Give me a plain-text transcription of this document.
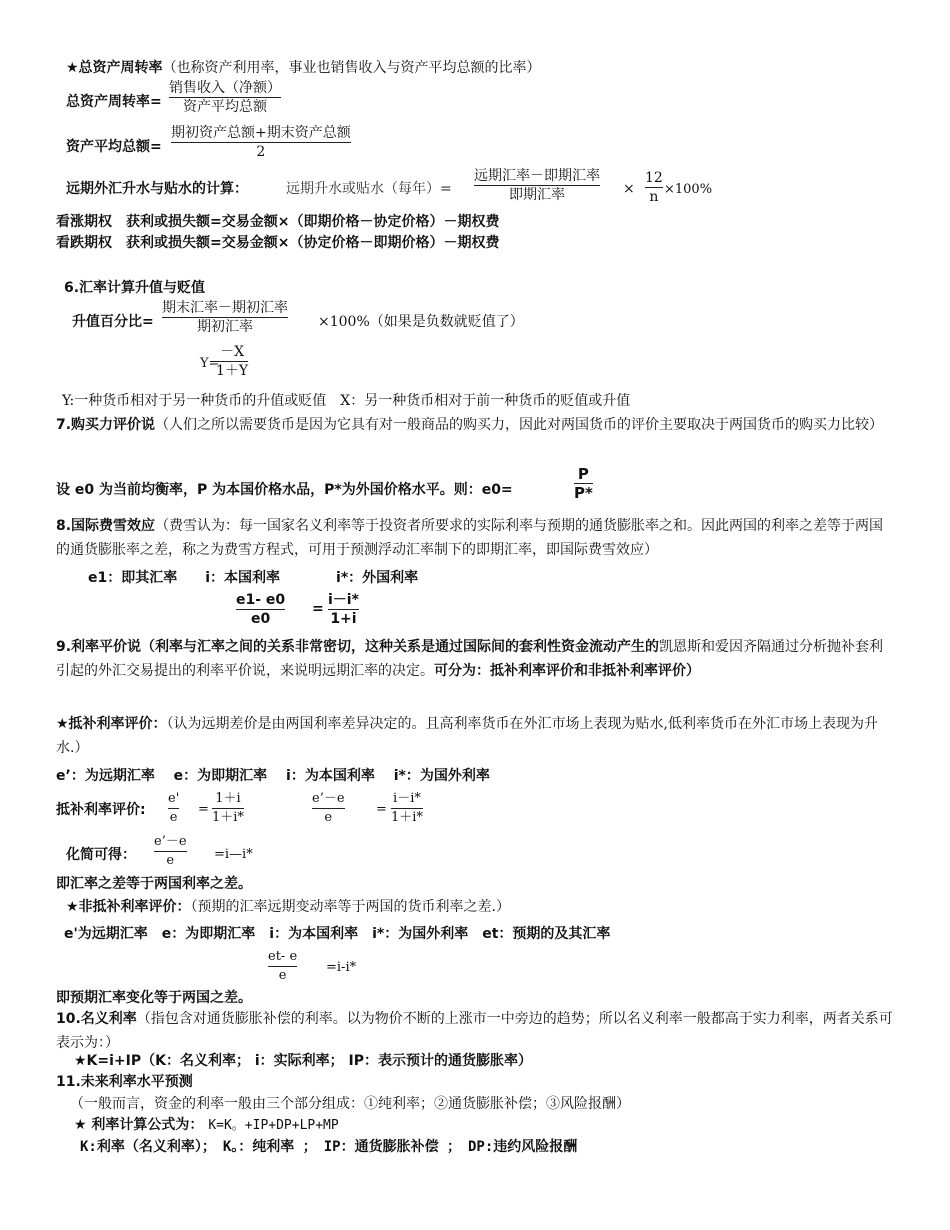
★总资产周转率（也称资产利用率，事业也销售收入与资产平均总额的比率）
总资产周转率=
销售收入（净额）
资产平均总额
资产平均总额=
期初资产总额+期末资产总额
2
远期外汇升水与贴水的计算：	远期升水或贴水（每年）=
远期汇率－即期汇率
即期汇率	× $\frac{12}{n} \times 100\%$
看涨期权　获利或损失额=交易金额×（即期价格－协定价格）－期权费
看跌期权　获利或损失额=交易金额×（协定价格－即期价格）－期权费
6.汇率计算升值与贬值
升值百分比=
期末汇率－期初汇率
期初汇率	×100%（如果是负数就贬值了）
Y=
$\frac{-X}{1+Y}$
Y:一种货币相对于另一种货币的升值或贬值　X：另一种货币相对于前一种货币的贬值或升值
7.购买力评价说（人们之所以需要货币是因为它具有对一般商品的购买力，因此对两国货币的评价主要取决于两国货币的购买力比较）
设 e0 为当前均衡率，P 为本国价格水品，P*为外国价格水平。则：e0=	$\frac{P}{P*}$
8.国际费雪效应（费雪认为：每一国家名义利率等于投资者所要求的实际利率与预期的通货膨胀率之和。因此两国的利率之差等于两国的通货膨胀率之差，称之为费雪方程式，可用于预测浮动汇率制下的即期汇率，即国际费雪效应）
e1：即其汇率　　i：本国利率　　　　i*：外国利率
$\frac{e1- e0}{e0} = \frac{i-i*}{1+i}$
9.利率平价说（利率与汇率之间的关系非常密切，这种关系是通过国际间的套利性资金流动产生的凯恩斯和爱因齐隔通过分析抛补套利引起的外汇交易提出的利率平价说，来说明远期汇率的决定。可分为：抵补利率评价和非抵补利率评价）
★抵补利率评价：（认为远期差价是由两国利率差异决定的。且高利率货币在外汇市场上表现为贴水,低利率货币在外汇市场上表现为升水.）
e’：为远期汇率　 e：为即期汇率　 i：为本国利率　 i*：为国外利率
抵补利率评价: $\frac{e'}{e} = \frac{1+i}{1+i*}$	$\frac{e’-e}{e} = \frac{i-i*}{1+i*}$
化简可得： $\frac{e’-e}{e}$ =i—i*
即汇率之差等于两国利率之差。
★非抵补利率评价：（预期的汇率远期变动率等于两国的货币利率之差.）
e'为远期汇率　e：为即期汇率　i：为本国利率　i*：为国外利率　et：预期的及其汇率
$\frac{et- e}{e} =i-i*$
即预期汇率变化等于两国之差。
10.名义利率（指包含对通货膨胀补偿的利率。以为物价不断的上涨市一中旁边的趋势；所以名义利率一般都高于实力利率，两者关系可表示为：）
★K=i+IP（K：名义利率； i：实际利率； IP：表示预计的通货膨胀率）
11.未来利率水平预测
（一般而言，资金的利率一般由三个部分组成：①纯利率；②通货膨胀补偿；③风险报酬）
★ 利率计算公式为： K=K。+IP+DP+LP+MP
K:利率（名义利率）；　K。：纯利率 ；　IP：通货膨胀补偿 ；　DP:违约风险报酬
